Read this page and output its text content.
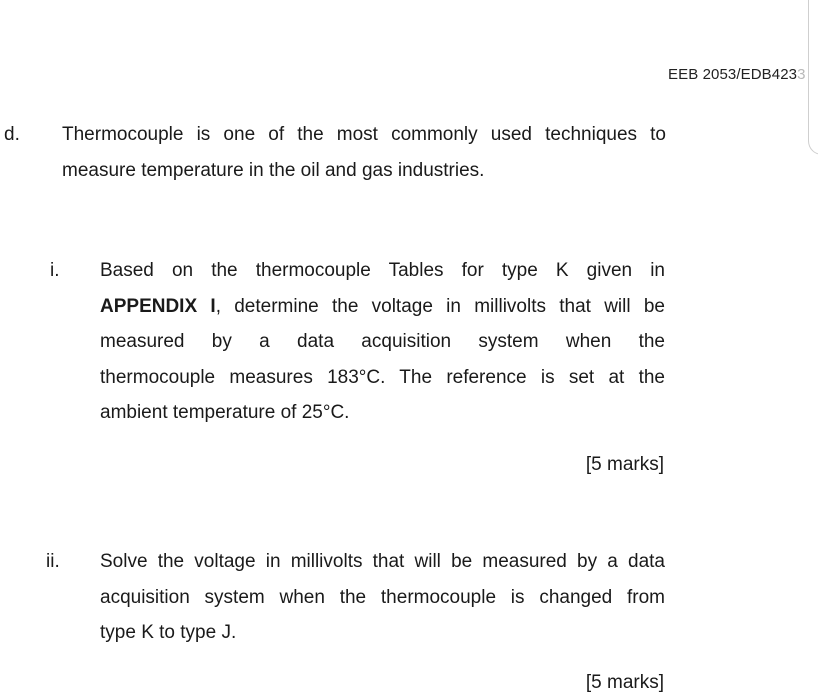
EEB 2053/EDB4233
d. Thermocouple is one of the most commonly used techniques to
measure temperature in the oil and gas industries.
i. Based on the thermocouple Tables for type K given in
APPENDIX I, determine the voltage in millivolts that will be
measured by a data acquisition system when the
thermocouple measures 183°C. The reference is set at the
ambient temperature of 25°C.
[5 marks]
ii. Solve the voltage in millivolts that will be measured by a data
acquisition system when the thermocouple is changed from
type K to type J.
[5 marks]
